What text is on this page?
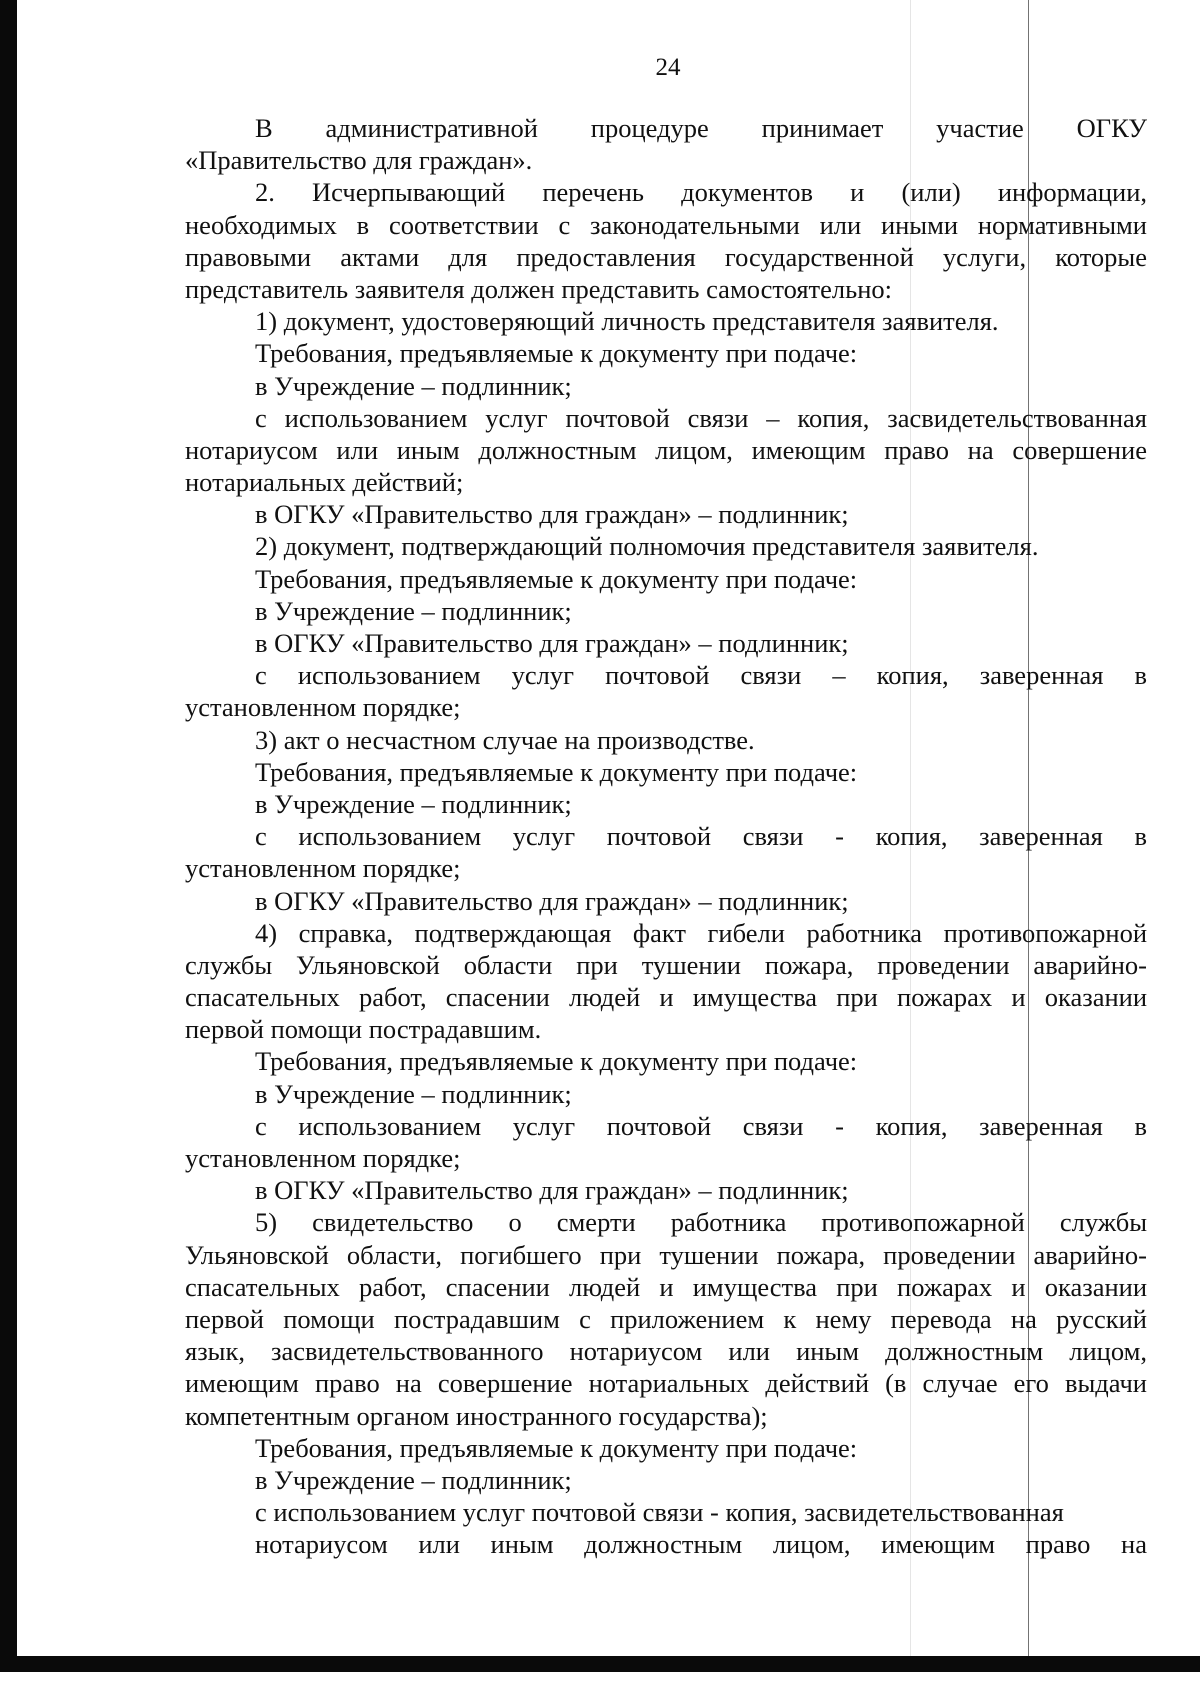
24
В административной процедуре принимает участие ОГКУ
«Правительство для граждан».
2. Исчерпывающий перечень документов и (или) информации,
необходимых в соответствии с законодательными или иными нормативными
правовыми актами для предоставления государственной услуги, которые
представитель заявителя должен представить самостоятельно:
1) документ, удостоверяющий личность представителя заявителя.
Требования, предъявляемые к документу при подаче:
в Учреждение – подлинник;
с использованием услуг почтовой связи – копия, засвидетельствованная
нотариусом или иным должностным лицом, имеющим право на совершение
нотариальных действий;
в ОГКУ «Правительство для граждан» – подлинник;
2) документ, подтверждающий полномочия представителя заявителя.
Требования, предъявляемые к документу при подаче:
в Учреждение – подлинник;
в ОГКУ «Правительство для граждан» – подлинник;
с использованием услуг почтовой связи – копия, заверенная в
установленном порядке;
3) акт о несчастном случае на производстве.
Требования, предъявляемые к документу при подаче:
в Учреждение – подлинник;
с использованием услуг почтовой связи - копия, заверенная в
установленном порядке;
в ОГКУ «Правительство для граждан» – подлинник;
4) справка, подтверждающая факт гибели работника противопожарной
службы Ульяновской области при тушении пожара, проведении аварийно-
спасательных работ, спасении людей и имущества при пожарах и оказании
первой помощи пострадавшим.
Требования, предъявляемые к документу при подаче:
в Учреждение – подлинник;
с использованием услуг почтовой связи - копия, заверенная в
установленном порядке;
в ОГКУ «Правительство для граждан» – подлинник;
5) свидетельство о смерти работника противопожарной службы
Ульяновской области, погибшего при тушении пожара, проведении аварийно-
спасательных работ, спасении людей и имущества при пожарах и оказании
первой помощи пострадавшим с приложением к нему перевода на русский
язык, засвидетельствованного нотариусом или иным должностным лицом,
имеющим право на совершение нотариальных действий (в случае его выдачи
компетентным органом иностранного государства);
Требования, предъявляемые к документу при подаче:
в Учреждение – подлинник;
с использованием услуг почтовой связи - копия, засвидетельствованная
нотариусом или иным должностным лицом, имеющим право на
